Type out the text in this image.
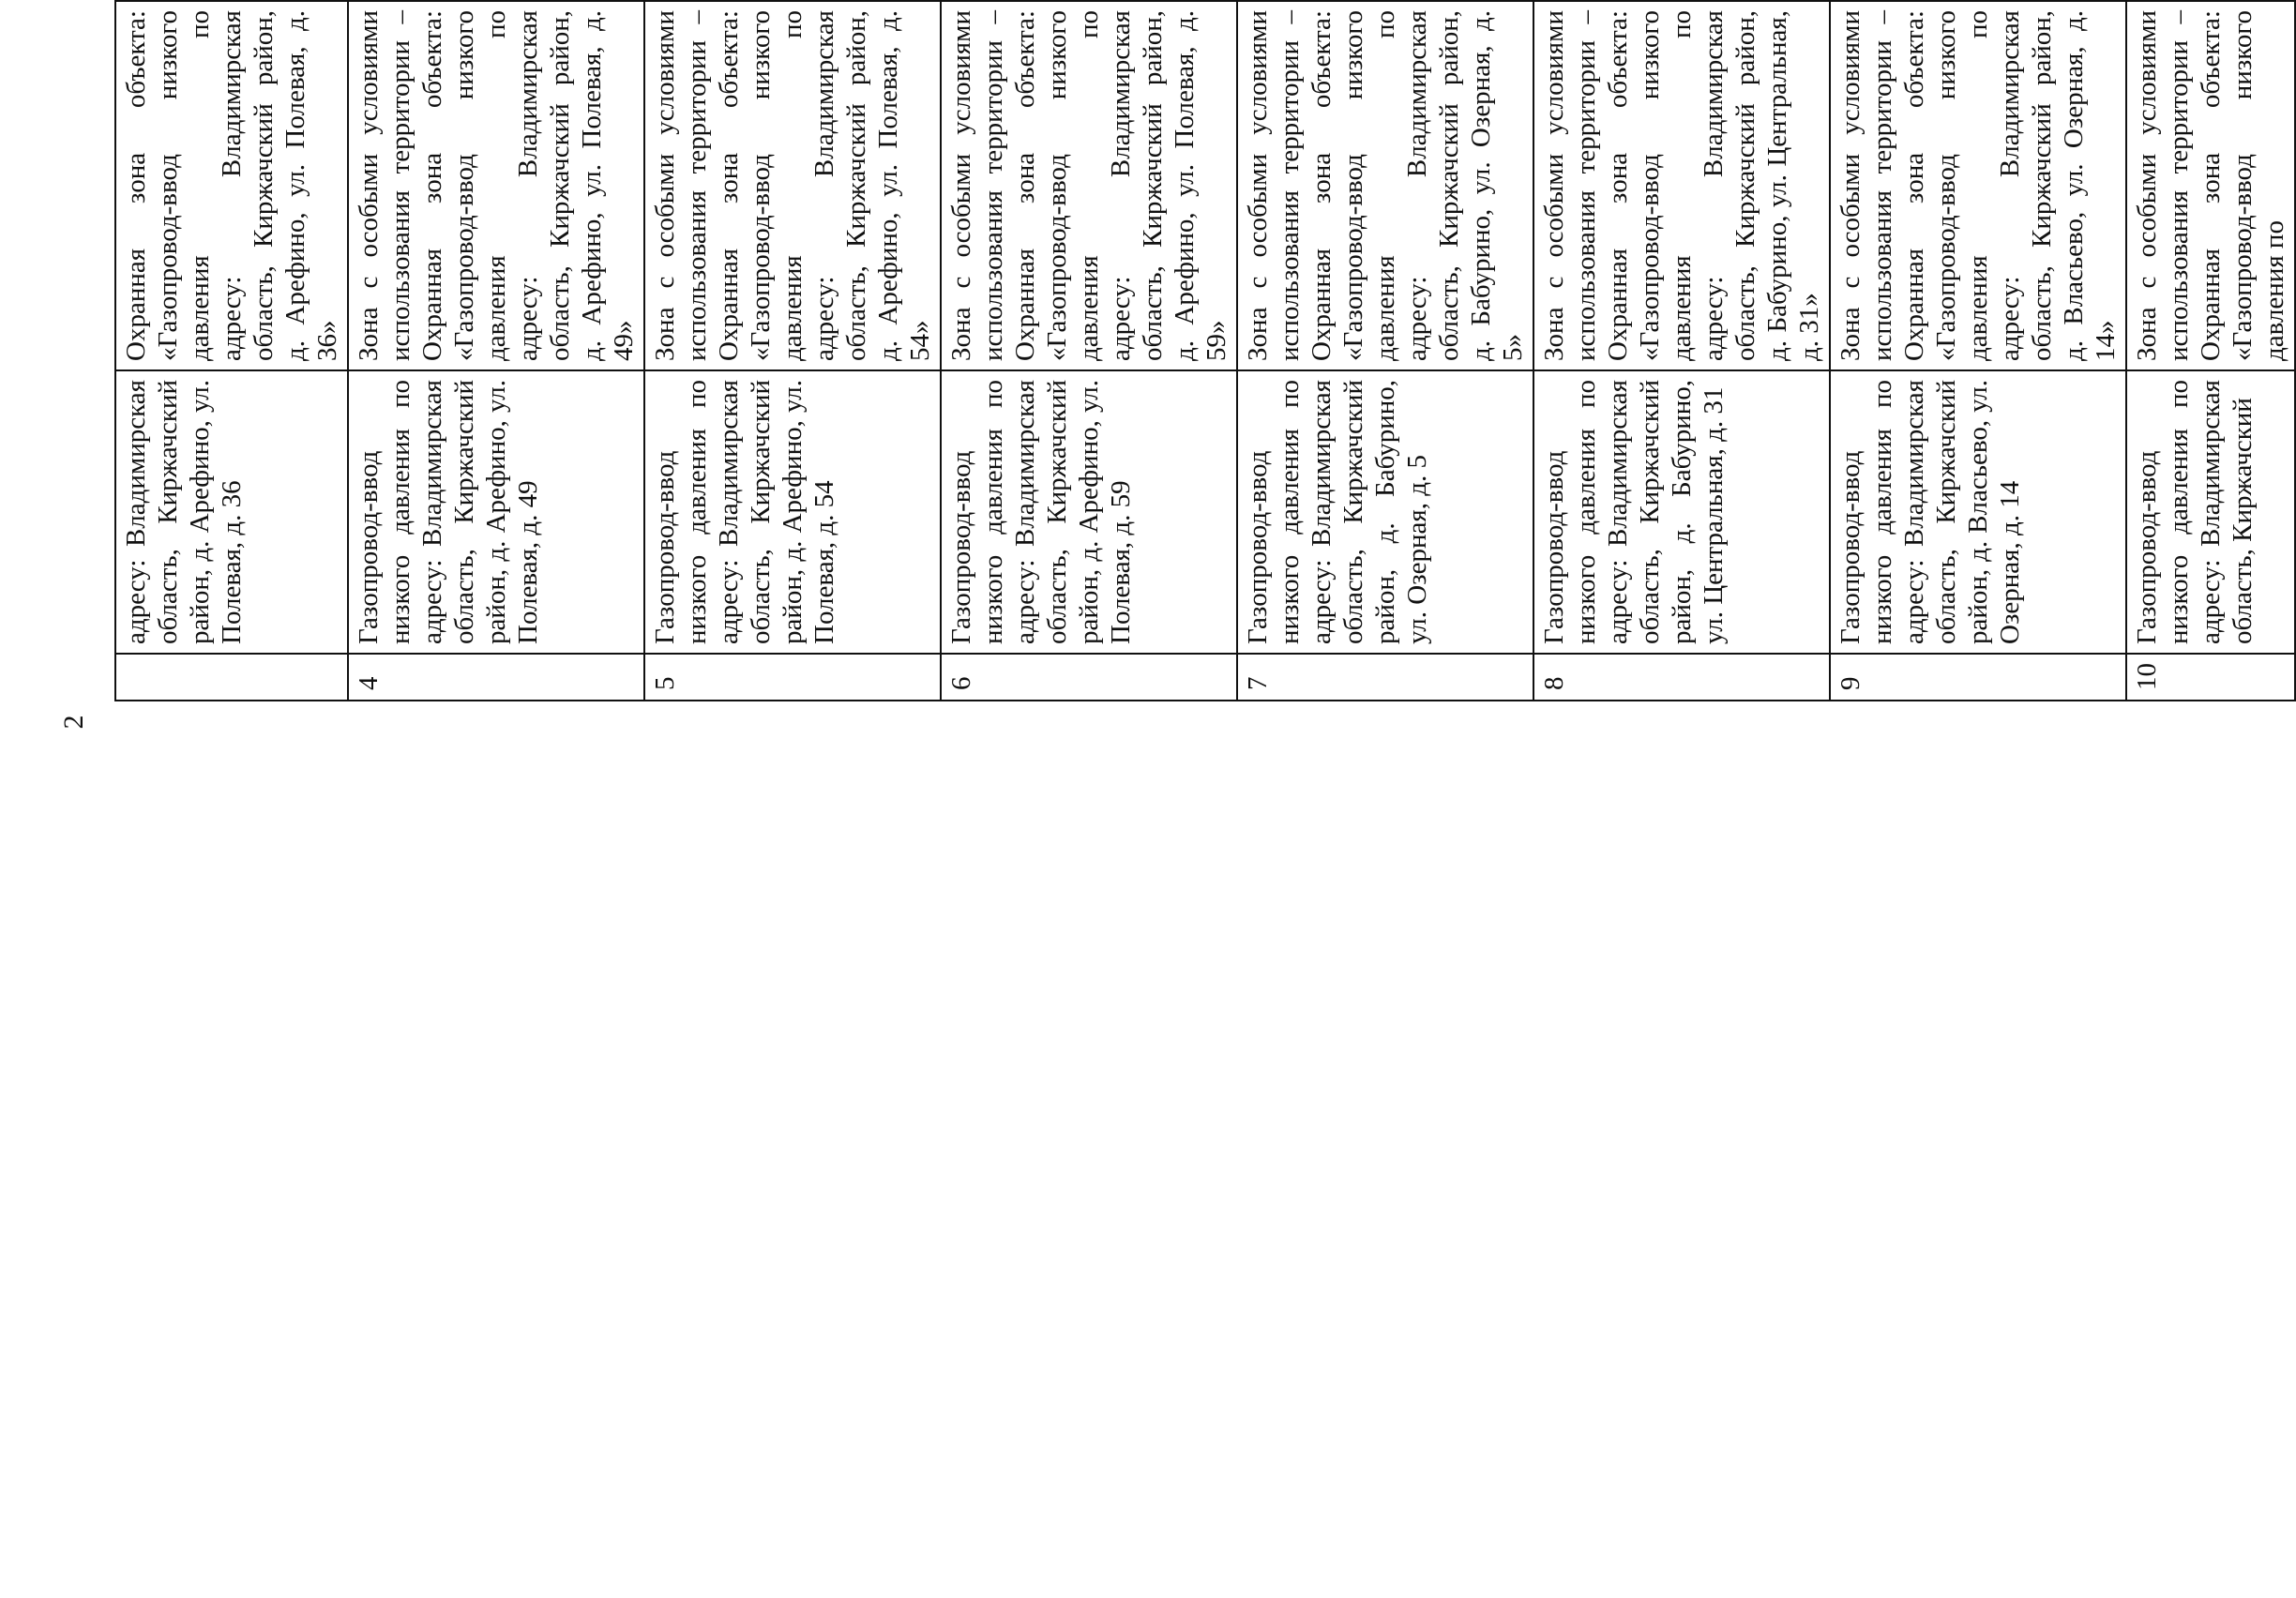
2

	адресу: Владимирская область, Киржачский район, д. Арефино, ул. Полевая, д. 36	Охранная зона объекта: «Газопровод-ввод низкого давления по адресу: Владимирская область, Киржачский район, д. Арефино, ул. Полевая, д. 36»

4	Газопровод-ввод низкого давления по адресу: Владимирская область, Киржачский район, д. Арефино, ул. Полевая, д. 49	Зона с особыми условиями использования территории – Охранная зона объекта: «Газопровод-ввод низкого давления по адресу: Владимирская область, Киржачский район, д. Арефино, ул. Полевая, д. 49»

5	Газопровод-ввод низкого давления по адресу: Владимирская область, Киржачский район, д. Арефино, ул. Полевая, д. 54	Зона с особыми условиями использования территории – Охранная зона объекта: «Газопровод-ввод низкого давления по адресу: Владимирская область, Киржачский район, д. Арефино, ул. Полевая, д. 54»

6	Газопровод-ввод низкого давления по адресу: Владимирская область, Киржачский район, д. Арефино, ул. Полевая, д. 59	Зона с особыми условиями использования территории – Охранная зона объекта: «Газопровод-ввод низкого давления по адресу: Владимирская область, Киржачский район, д. Арефино, ул. Полевая, д. 59»

7	Газопровод-ввод низкого давления по адресу: Владимирская область, Киржачский район, д. Бабурино, ул. Озерная, д. 5	Зона с особыми условиями использования территории – Охранная зона объекта: «Газопровод-ввод низкого давления по адресу: Владимирская область, Киржачский район, д. Бабурино, ул. Озерная, д. 5»

8	Газопровод-ввод низкого давления по адресу: Владимирская область, Киржачский район, д. Бабурино, ул. Центральная, д. 31	Зона с особыми условиями использования территории – Охранная зона объекта: «Газопровод-ввод низкого давления по адресу: Владимирская область, Киржачский район, д. Бабурино, ул. Центральная, д. 31»

9	Газопровод-ввод низкого давления по адресу: Владимирская область, Киржачский район, д. Власьево, ул. Озерная, д. 14	Зона с особыми условиями использования территории – Охранная зона объекта: «Газопровод-ввод низкого давления по адресу: Владимирская область, Киржачский район, д. Власьево, ул. Озерная, д. 14»

10	Газопровод-ввод низкого давления по адресу: Владимирская область, Киржачский	Зона с особыми условиями использования территории – Охранная зона объекта: «Газопровод-ввод низкого давления по
